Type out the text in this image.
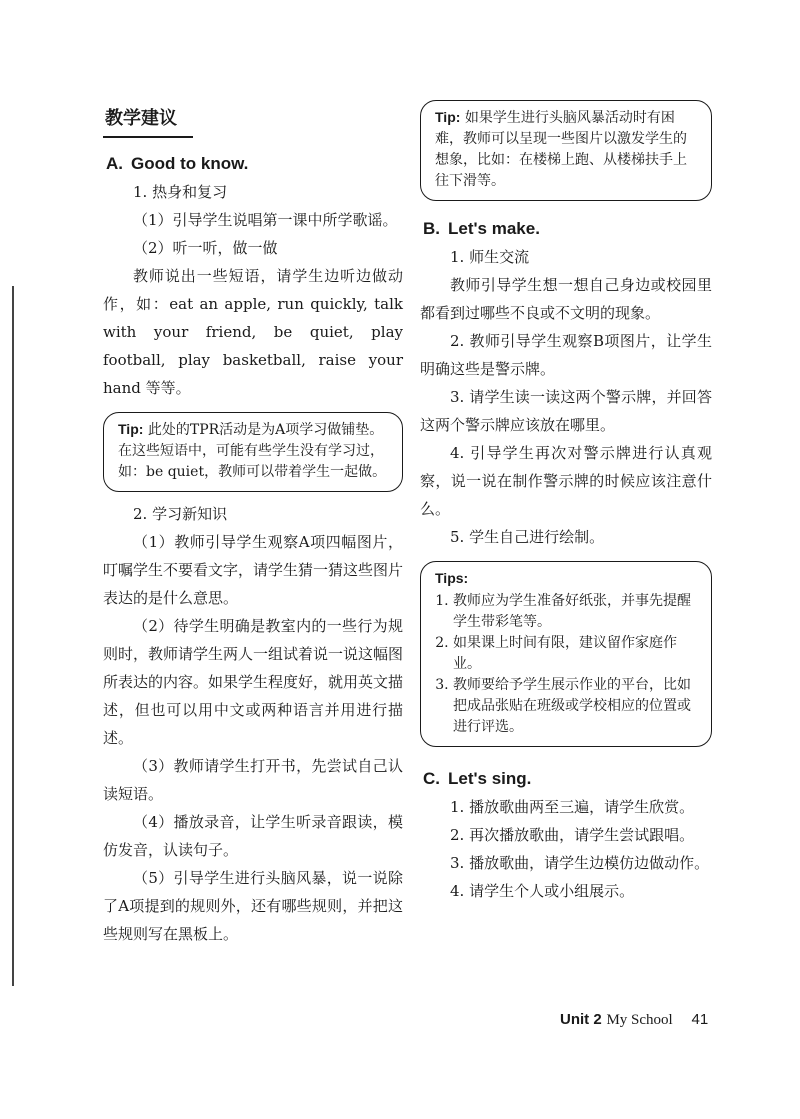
教学建议
A. Good to know.

1. 热身和复习

（1）引导学生说唱第一课中所学歌谣。

（2）听一听，做一做

教师说出一些短语，请学生边听边做动作，如：eat an apple, run quickly, talk with your friend, be quiet, play football, play basketball, raise your hand 等等。

Tip: 此处的TPR活动是为A项学习做铺垫。在这些短语中，可能有些学生没有学习过，如：be quiet，教师可以带着学生一起做。

2. 学习新知识

（1）教师引导学生观察A项四幅图片，叮嘱学生不要看文字，请学生猜一猜这些图片表达的是什么意思。

（2）待学生明确是教室内的一些行为规则时，教师请学生两人一组试着说一说这幅图所表达的内容。如果学生程度好，就用英文描述，但也可以用中文或两种语言并用进行描述。

（3）教师请学生打开书，先尝试自己认读短语。

（4）播放录音，让学生听录音跟读，模仿发音，认读句子。

（5）引导学生进行头脑风暴，说一说除了A项提到的规则外，还有哪些规则，并把这些规则写在黑板上。

Tip: 如果学生进行头脑风暴活动时有困难，教师可以呈现一些图片以激发学生的想象，比如：在楼梯上跑、从楼梯扶手上往下滑等。
B. Let's make.

1. 师生交流

教师引导学生想一想自己身边或校园里都看到过哪些不良或不文明的现象。

2. 教师引导学生观察B项图片，让学生明确这些是警示牌。

3. 请学生读一读这两个警示牌，并回答这两个警示牌应该放在哪里。

4. 引导学生再次对警示牌进行认真观察，说一说在制作警示牌的时候应该注意什么。

5. 学生自己进行绘制。

Tips:
1. 教师应为学生准备好纸张，并事先提醒学生带彩笔等。
2. 如果课上时间有限，建议留作家庭作业。
3. 教师要给予学生展示作业的平台，比如把成品张贴在班级或学校相应的位置或进行评选。
C. Let's sing.

1. 播放歌曲两至三遍，请学生欣赏。

2. 再次播放歌曲，请学生尝试跟唱。

3. 播放歌曲，请学生边模仿边做动作。

4. 请学生个人或小组展示。

Unit 2 My School 41
